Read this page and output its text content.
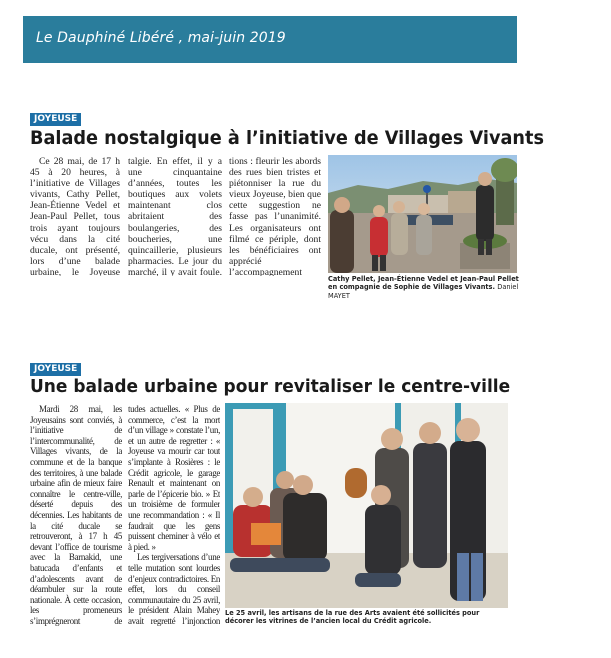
Le Dauphiné Libéré , mai-juin 2019
JOYEUSE
Balade nostalgique à l’initiative de Villages Vivants

Ce 28 mai, de 17 h 45 à 20 heures, à l’initiative de Villages vivants, Cathy Pellet, Jean-Étienne Vedel et Jean-Paul Pellet, tous trois ayant toujours vécu dans la cité ducale, ont présenté, lors d’une balade urbaine, le Joyeuse

talgie. En effet, il y a une cinquantaine d’années, toutes les boutiques aux volets maintenant clos abritaient des boulangeries, des boucheries, une quincaillerie, plusieurs pharmacies. Le jour du marché, il y avait foule.

tions : fleurir les abords des rues bien tristes et piétonniser la rue du vieux Joyeuse, bien que cette suggestion ne fasse pas l’unanimité. Les organisateurs ont filmé ce périple, dont les bénéficiaires ont apprécié l’accompagnement

Cathy Pellet, Jean-Étienne Vedel et Jean-Paul Pellet en compagnie de Sophie de Villages Vivants. Daniel MAYET
JOYEUSE
Une balade urbaine pour revitaliser le centre-ville

Mardi 28 mai, les Joyeusains sont conviés, à l’initiative de l’intercommunalité, de Villages vivants, de la commune et de la banque des territoires, à une balade urbaine afin de mieux faire connaître le centre-ville, déserté depuis des décennies. Les habitants de la cité ducale se retrouveront, à 17 h 45 devant l’office de tourisme avec la Barnakid, une batucada d’enfants et d’adolescents avant de déambuler sur la route nationale. À cette occasion, les promeneurs s’imprégneront de

tudes actuelles. « Plus de commerce, c’est la mort d’un village » constate l’un, et un autre de regretter : « Joyeuse va mourir car tout s’implante à Rosières : le Crédit agricole, le garage Renault et maintenant on parle de l’épicerie bio. » Et un troisième de formuler une recommandation : « Il faudrait que les gens puissent cheminer à vélo et à pied. »

Les tergiversations d’une telle mutation sont lourdes d’enjeux contradictoires. En effet, lors du conseil communautaire du 25 avril, le président Alain Mahey avait regretté l’injonction

Le 25 avril, les artisans de la rue des Arts avaient été sollicités pour décorer les vitrines de l’ancien local du Crédit agricole.
